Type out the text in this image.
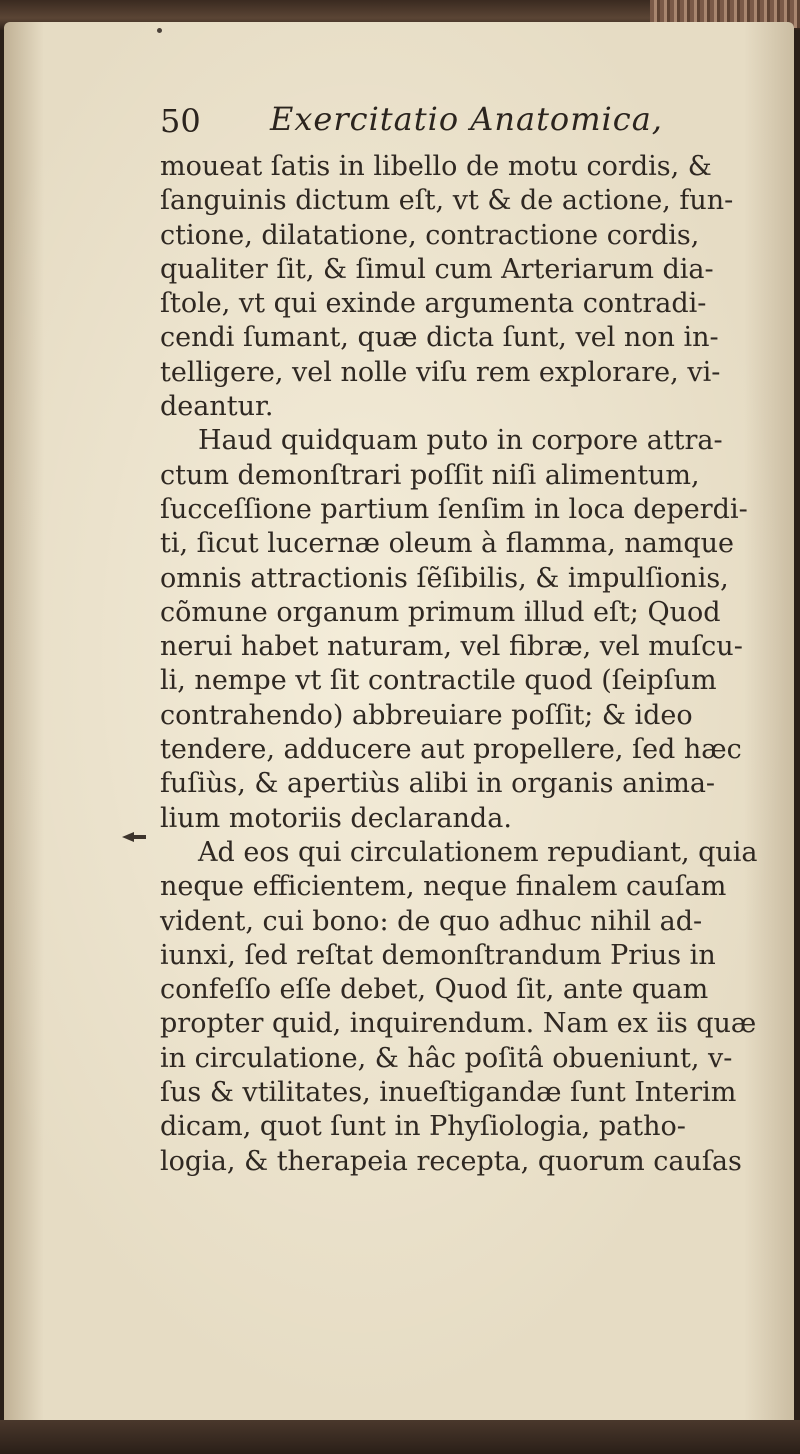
50 Exercitatio Anatomica,
moueat ſatis in libello de motu cordis, &
ſanguinis dictum eſt, vt & de actione, fun-
ctione, dilatatione, contractione cordis,
qualiter ſit, & ſimul cum Arteriarum dia-
ſtole, vt qui exinde argumenta contradi-
cendi ſumant, quæ dicta ſunt, vel non in-
telligere, vel nolle viſu rem explorare, vi-
deantur.
Haud quidquam puto in corpore attra-
ctum demonſtrari poſſit niſi alimentum,
ſucceſſione partium ſenſim in loca deperdi-
ti, ſicut lucernæ oleum à flamma, namque
omnis attractionis ſẽſibilis, & impulſionis,
cõmune organum primum illud eſt; Quod
nerui habet naturam, vel fibræ, vel muſcu-
li, nempe vt ſit contractile quod (ſeipſum
contrahendo) abbreuiare poſſit; & ideo
tendere, adducere aut propellere, ſed hæc
fuſiùs, & apertiùs alibi in organis anima-
lium motoriis declaranda.
Ad eos qui circulationem repudiant, quia
neque efficientem, neque finalem cauſam
vident, cui bono: de quo adhuc nihil ad-
iunxi, ſed reſtat demonſtrandum Prius in
confeſſo eſſe debet, Quod ſit, ante quam
propter quid, inquirendum. Nam ex iis quæ
in circulatione, & hâc poſitâ obueniunt, v-
ſus & vtilitates, inueſtigandæ ſunt Interim
dicam, quot ſunt in Phyſiologia, patho-
logia, & therapeia recepta, quorum cauſas
